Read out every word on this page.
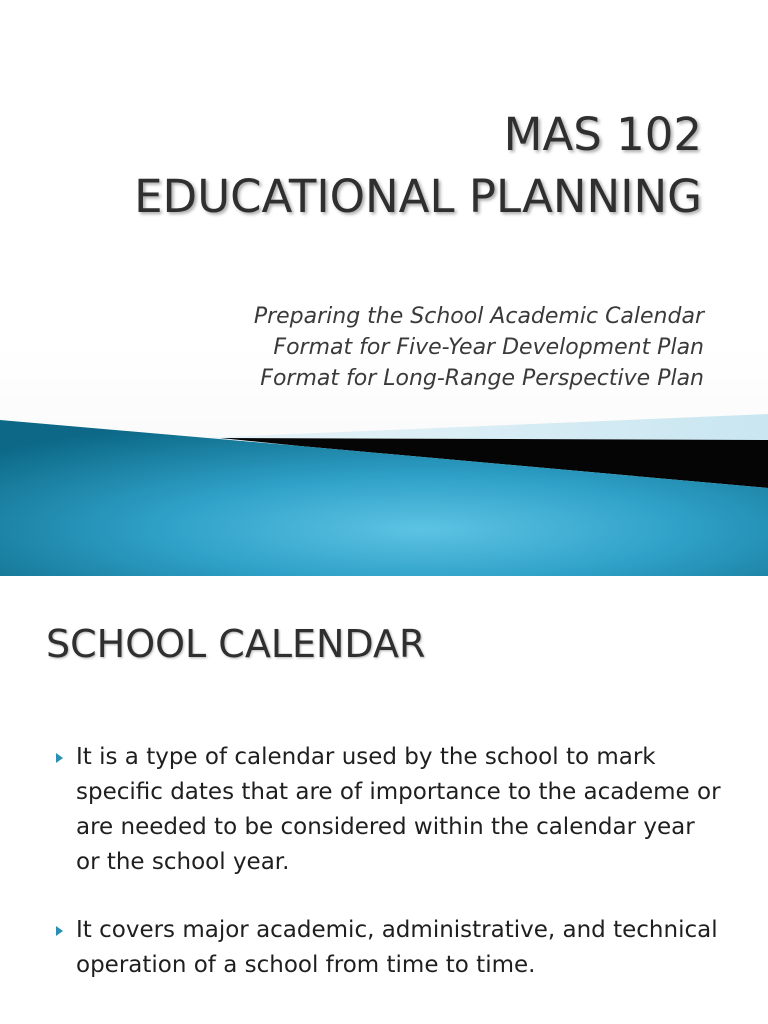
MAS 102
EDUCATIONAL PLANNING

Preparing the School Academic Calendar
Format for Five-Year Development Plan
Format for Long-Range Perspective Plan

SCHOOL CALENDAR
It is a type of calendar used by the school to mark specific dates that are of importance to the academe or are needed to be considered within the calendar year or the school year.
It covers major academic, administrative, and technical operation of a school from time to time.
